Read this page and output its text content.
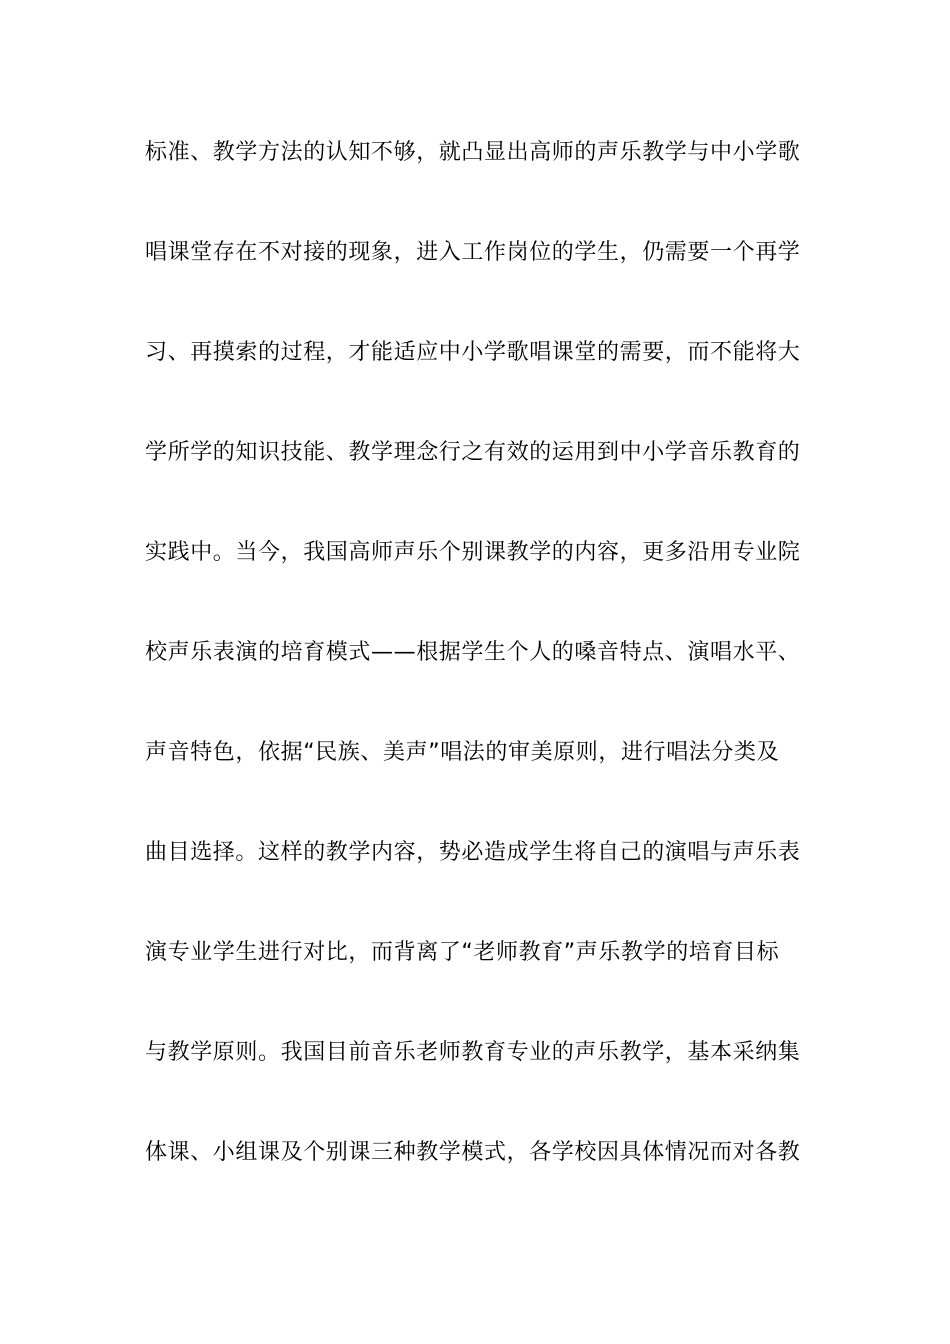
标准、教学方法的认知不够，就凸显出高师的声乐教学与中小学歌
唱课堂存在不对接的现象，进入工作岗位的学生，仍需要一个再学
习、再摸索的过程，才能适应中小学歌唱课堂的需要，而不能将大
学所学的知识技能、教学理念行之有效的运用到中小学音乐教育的
实践中。当今，我国高师声乐个别课教学的内容，更多沿用专业院
校声乐表演的培育模式——根据学生个人的嗓音特点、演唱水平、
声音特色，依据“民族、美声”唱法的审美原则，进行唱法分类及
曲目选择。这样的教学内容，势必造成学生将自己的演唱与声乐表
演专业学生进行对比，而背离了“老师教育”声乐教学的培育目标
与教学原则。我国目前音乐老师教育专业的声乐教学，基本采纳集
体课、小组课及个别课三种教学模式，各学校因具体情况而对各教
